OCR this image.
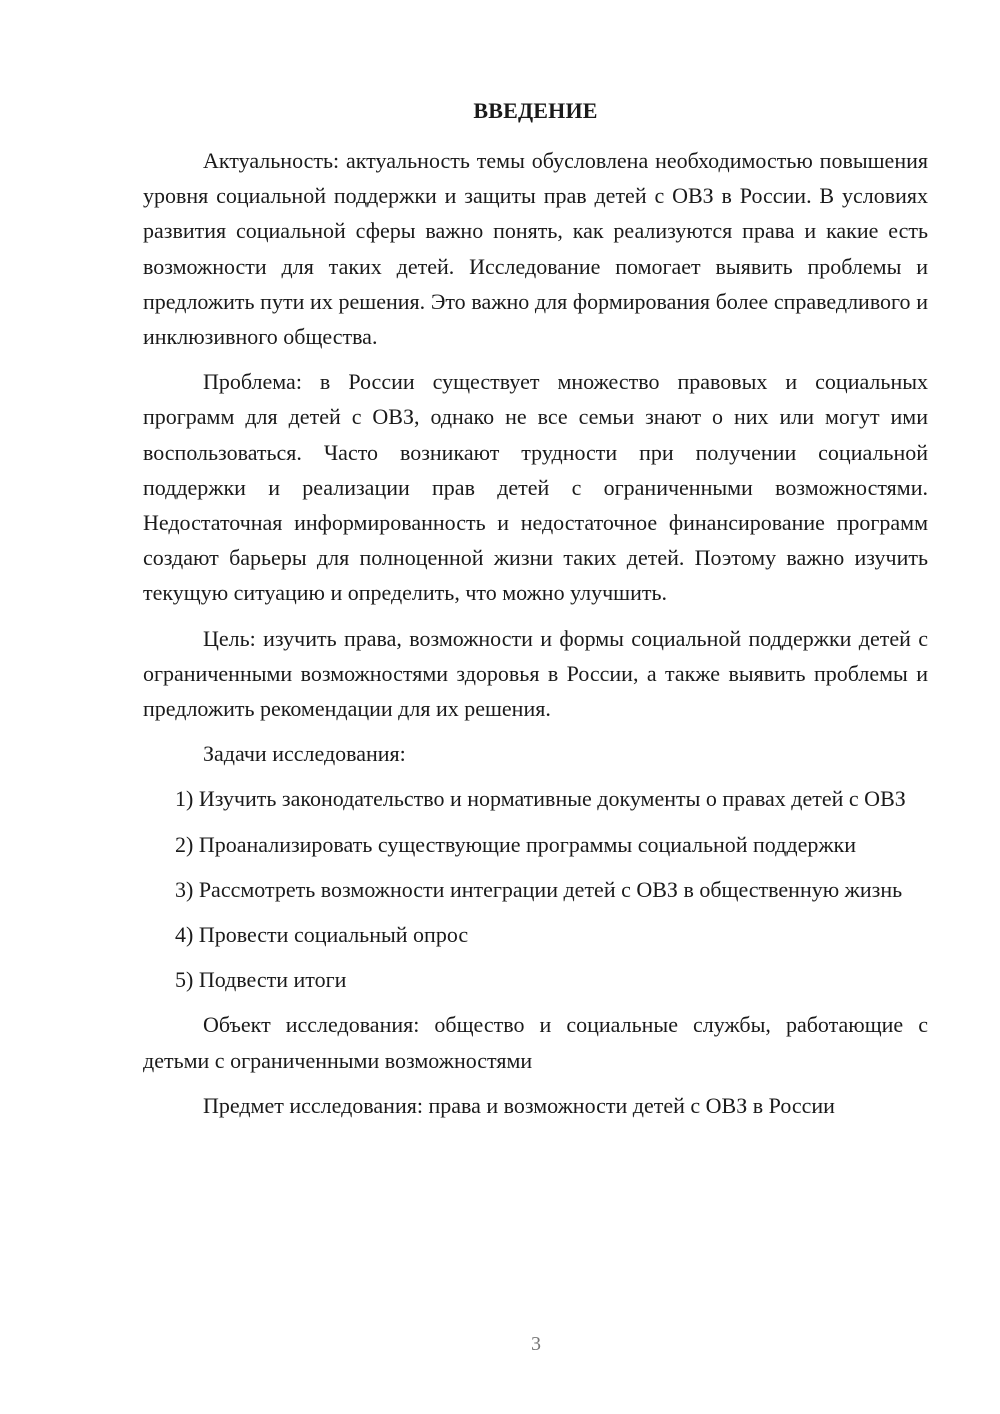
ВВЕДЕНИЕ

Актуальность: актуальность темы обусловлена необходимостью повышения уровня социальной поддержки и защиты прав детей с ОВЗ в России. В условиях развития социальной сферы важно понять, как реализуются права и какие есть возможности для таких детей. Исследование помогает выявить проблемы и предложить пути их решения. Это важно для формирования более справедливого и инклюзивного общества.

Проблема: в России существует множество правовых и социальных программ для детей с ОВЗ, однако не все семьи знают о них или могут ими воспользоваться. Часто возникают трудности при получении социальной поддержки и реализации прав детей с ограниченными возможностями. Недостаточная информированность и недостаточное финансирование программ создают барьеры для полноценной жизни таких детей. Поэтому важно изучить текущую ситуацию и определить, что можно улучшить.

Цель: изучить права, возможности и формы социальной поддержки детей с ограниченными возможностями здоровья в России, а также выявить проблемы и предложить рекомендации для их решения.

Задачи исследования:

1) Изучить законодательство и нормативные документы о правах детей с ОВЗ

2) Проанализировать существующие программы социальной поддержки

3) Рассмотреть возможности интеграции детей с ОВЗ в общественную жизнь

4) Провести социальный опрос

5) Подвести итоги

Объект исследования: общество и социальные службы, работающие с детьми с ограниченными возможностями

Предмет исследования: права и возможности детей с ОВЗ в России

3
